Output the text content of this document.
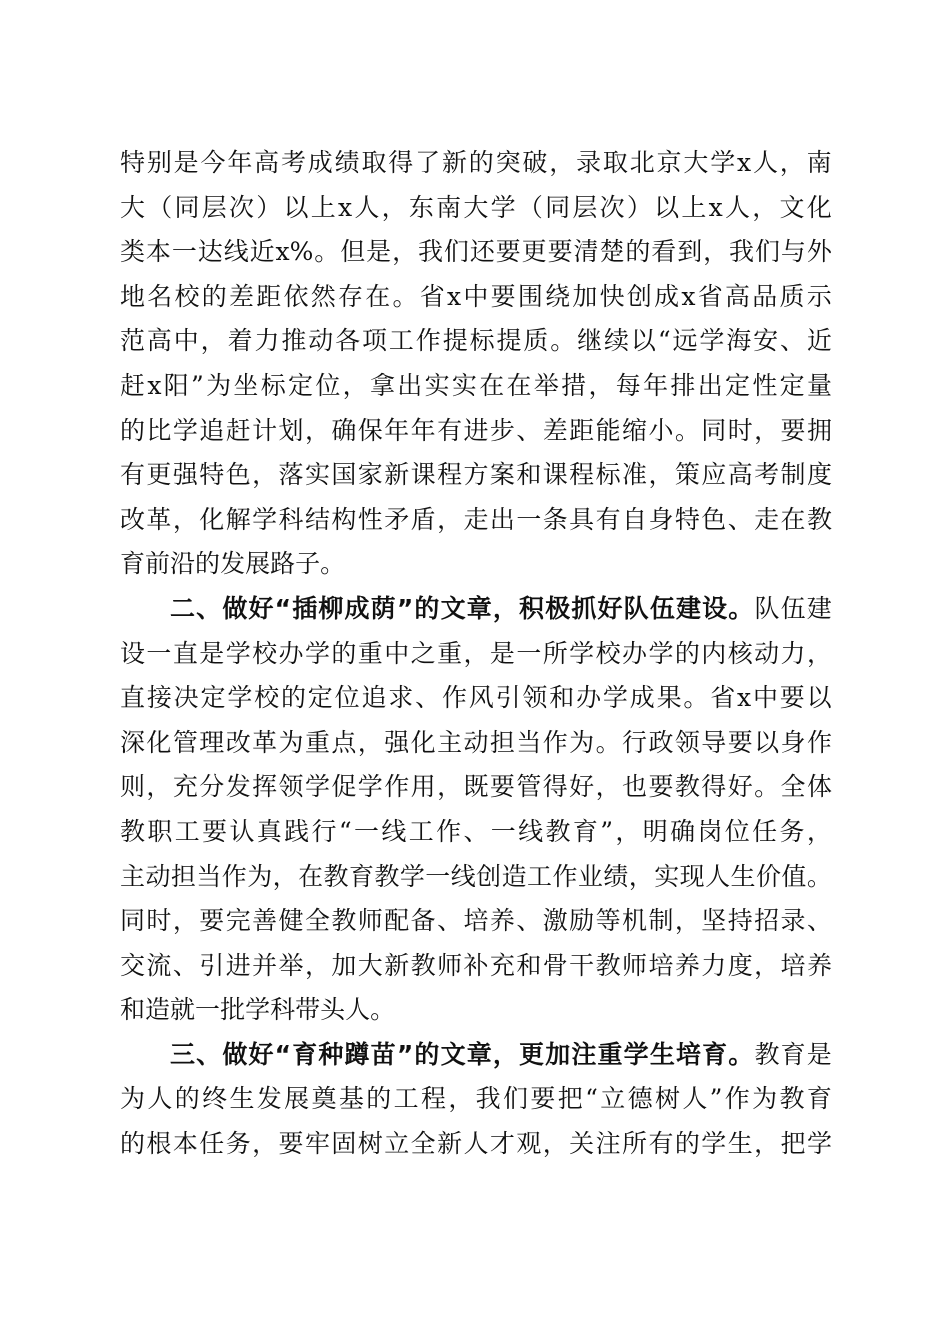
特 别 是 今 年 高 考 成 绩 取 得 了 新 的 突 破 ， 录 取 北 京 大 学 x 人 ， 南
大 （ 同 层 次 ） 以 上 x 人 ， 东 南 大 学 （ 同 层 次 ） 以 上 x 人 ， 文 化
类 本 一 达 线 近 x% 。 但 是 ， 我 们 还 要 更 要 清 楚 的 看 到 ， 我 们 与 外
地 名 校 的 差 距 依 然 存 在 。 省 x 中 要 围 绕 加 快 创 成 x 省 高 品 质 示
范 高 中 ， 着 力 推 动 各 项 工 作 提 标 提 质 。 继 续 以 “ 远 学 海 安 、 近
赶 x 阳 ” 为 坐 标 定 位 ， 拿 出 实 实 在 在 举 措 ， 每 年 排 出 定 性 定 量
的 比 学 追 赶 计 划 ， 确 保 年 年 有 进 步 、 差 距 能 缩 小 。 同 时 ， 要 拥
有 更 强 特 色 ， 落 实 国 家 新 课 程 方 案 和 课 程 标 准 ， 策 应 高 考 制 度
改 革 ， 化 解 学 科 结 构 性 矛 盾 ， 走 出 一 条 具 有 自 身 特 色 、 走 在 教
育 前 沿 的 发 展 路 子 。
二 、 做 好 “ 插 柳 成 荫 ” 的 文 章 ， 积 极 抓 好 队 伍 建 设 。 队 伍 建
设 一 直 是 学 校 办 学 的 重 中 之 重 ， 是 一 所 学 校 办 学 的 内 核 动 力 ，
直 接 决 定 学 校 的 定 位 追 求 、 作 风 引 领 和 办 学 成 果 。 省 x 中 要 以
深 化 管 理 改 革 为 重 点 ， 强 化 主 动 担 当 作 为 。 行 政 领 导 要 以 身 作
则 ， 充 分 发 挥 领 学 促 学 作 用 ， 既 要 管 得 好 ， 也 要 教 得 好 。 全 体
教 职 工 要 认 真 践 行 “ 一 线 工 作 、 一 线 教 育 ” ， 明 确 岗 位 任 务 ，
主 动 担 当 作 为 ， 在 教 育 教 学 一 线 创 造 工 作 业 绩 ， 实 现 人 生 价 值 。
同 时 ， 要 完 善 健 全 教 师 配 备 、 培 养 、 激 励 等 机 制 ， 坚 持 招 录 、
交 流 、 引 进 并 举 ， 加 大 新 教 师 补 充 和 骨 干 教 师 培 养 力 度 ， 培 养
和 造 就 一 批 学 科 带 头 人 。
三 、 做 好 “ 育 种 蹲 苗 ” 的 文 章 ， 更 加 注 重 学 生 培 育 。 教 育 是
为 人 的 终 生 发 展 奠 基 的 工 程 ， 我 们 要 把 “ 立 德 树 人 ” 作 为 教 育
的 根 本 任 务 ， 要 牢 固 树 立 全 新 人 才 观 ， 关 注 所 有 的 学 生 ， 把 学
